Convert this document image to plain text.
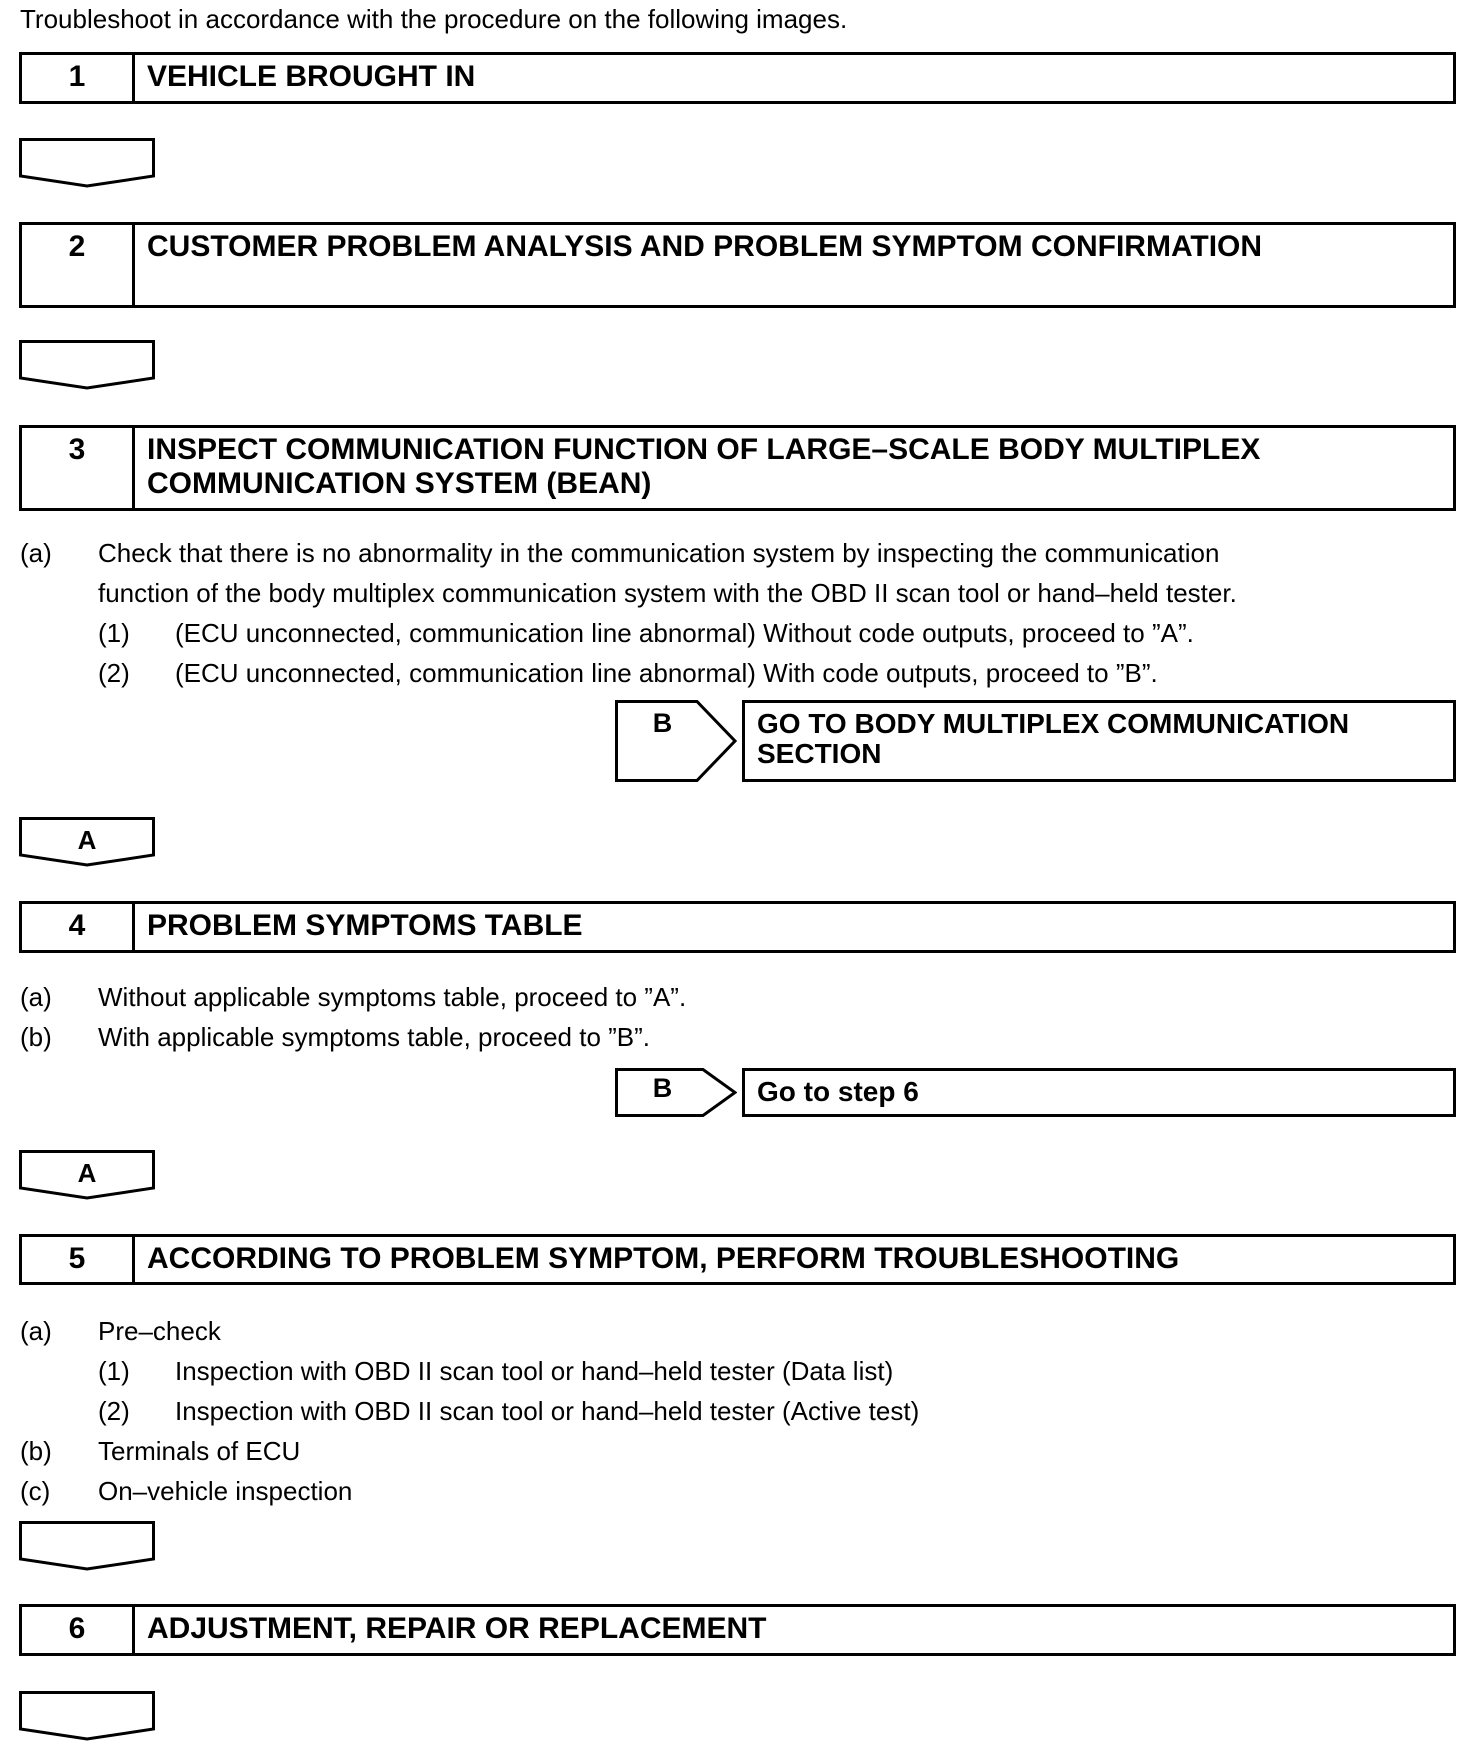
Troubleshoot in accordance with the procedure on the following images.
1	VEHICLE BROUGHT IN
2	CUSTOMER PROBLEM ANALYSIS AND PROBLEM SYMPTOM CONFIRMATION
3	INSPECT COMMUNICATION FUNCTION OF LARGE–SCALE BODY MULTIPLEX COMMUNICATION SYSTEM (BEAN)
(a) Check that there is no abnormality in the communication system by inspecting the communication
function of the body multiplex communication system with the OBD II scan tool or hand–held tester.
(1) (ECU unconnected, communication line abnormal) Without code outputs, proceed to ”A”.
(2) (ECU unconnected, communication line abnormal) With code outputs, proceed to ”B”.
B	GO TO BODY MULTIPLEX COMMUNICATION SECTION
A
4	PROBLEM SYMPTOMS TABLE
(a) Without applicable symptoms table, proceed to ”A”.
(b) With applicable symptoms table, proceed to ”B”.
B	Go to step 6
A
5	ACCORDING TO PROBLEM SYMPTOM, PERFORM TROUBLESHOOTING
(a) Pre–check
(1) Inspection with OBD II scan tool or hand–held tester (Data list)
(2) Inspection with OBD II scan tool or hand–held tester (Active test)
(b) Terminals of ECU
(c) On–vehicle inspection
6	ADJUSTMENT, REPAIR OR REPLACEMENT
